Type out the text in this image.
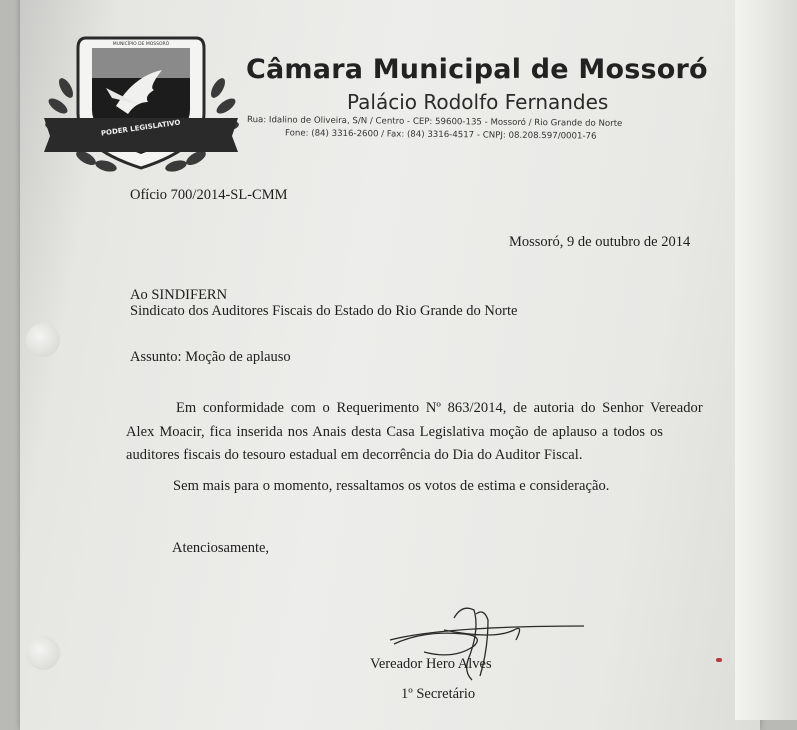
PODER LEGISLATIVO
MUNICÍPIO DE MOSSORÓ
Câmara Municipal de Mossoró
Palácio Rodolfo Fernandes
Rua: Idalino de Oliveira, S/N / Centro - CEP: 59600-135 - Mossoró / Rio Grande do Norte
Fone: (84) 3316-2600 / Fax: (84) 3316-4517 - CNPJ: 08.208.597/0001-76
Ofício 700/2014-SL-CMM
Mossoró, 9 de outubro de 2014
Ao SINDIFERN
Sindicato dos Auditores Fiscais do Estado do Rio Grande do Norte
Assunto: Moção de aplauso
Em conformidade com o Requerimento Nº 863/2014, de autoria do Senhor Vereador
Alex Moacir, fica inserida nos Anais desta Casa Legislativa moção de aplauso a todos os
auditores fiscais do tesouro estadual em decorrência do Dia do Auditor Fiscal.
Sem mais para o momento, ressaltamos os votos de estima e consideração.
Atenciosamente,
Vereador Hero Alves
1º Secretário
